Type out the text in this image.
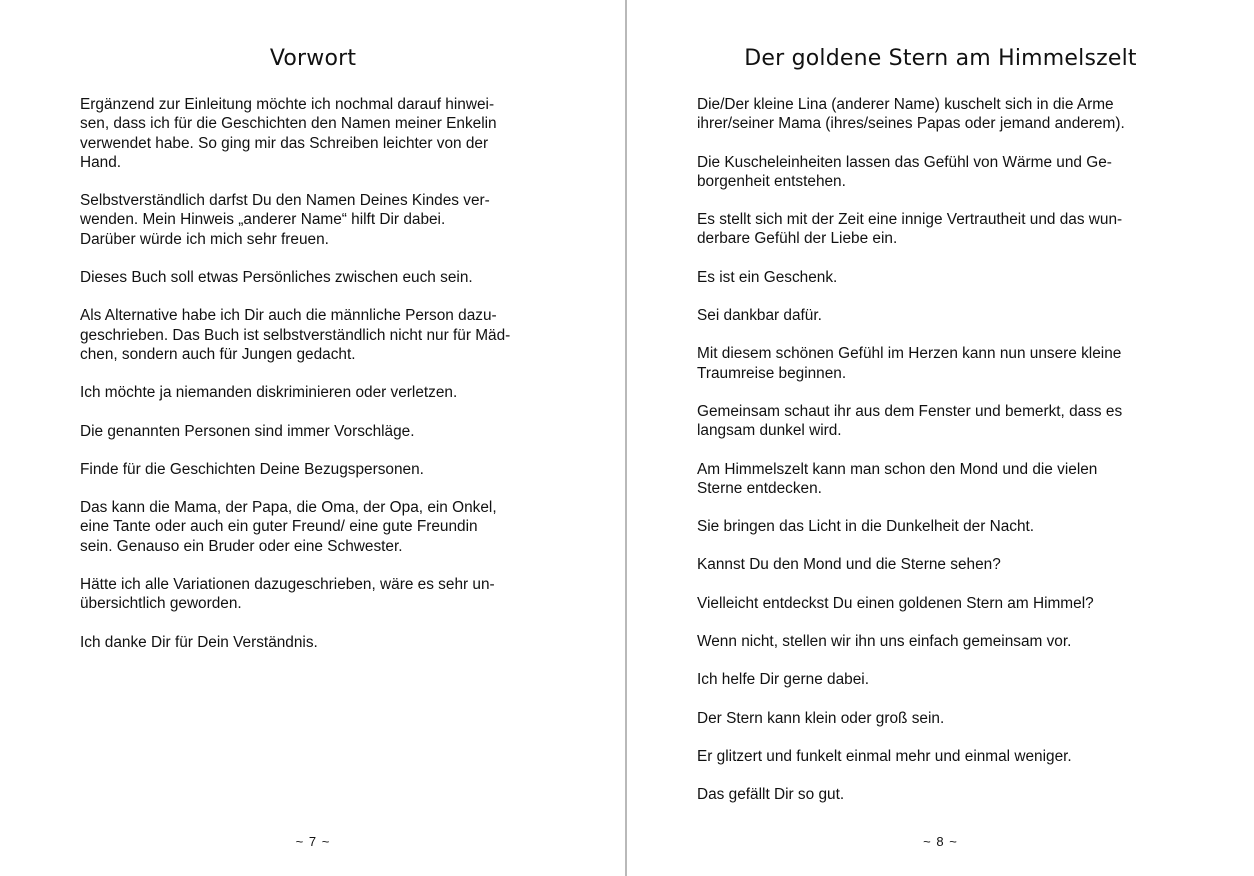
Vorwort

Ergänzend zur Einleitung möchte ich nochmal darauf hinwei-
sen, dass ich für die Geschichten den Namen meiner Enkelin
verwendet habe. So ging mir das Schreiben leichter von der
Hand.

Selbstverständlich darfst Du den Namen Deines Kindes ver-
wenden. Mein Hinweis „anderer Name“ hilft Dir dabei.
Darüber würde ich mich sehr freuen.

Dieses Buch soll etwas Persönliches zwischen euch sein.

Als Alternative habe ich Dir auch die männliche Person dazu-
geschrieben. Das Buch ist selbstverständlich nicht nur für Mäd-
chen, sondern auch für Jungen gedacht.

Ich möchte ja niemanden diskriminieren oder verletzen.

Die genannten Personen sind immer Vorschläge.

Finde für die Geschichten Deine Bezugspersonen.

Das kann die Mama, der Papa, die Oma, der Opa, ein Onkel,
eine Tante oder auch ein guter Freund/ eine gute Freundin
sein. Genauso ein Bruder oder eine Schwester.

Hätte ich alle Variationen dazugeschrieben, wäre es sehr un-
übersichtlich geworden.

Ich danke Dir für Dein Verständnis.

~ 7 ~
Der goldene Stern am Himmelszelt

Die/Der kleine Lina (anderer Name) kuschelt sich in die Arme
ihrer/seiner Mama (ihres/seines Papas oder jemand anderem).

Die Kuscheleinheiten lassen das Gefühl von Wärme und Ge-
borgenheit entstehen.

Es stellt sich mit der Zeit eine innige Vertrautheit und das wun-
derbare Gefühl der Liebe ein.

Es ist ein Geschenk.

Sei dankbar dafür.

Mit diesem schönen Gefühl im Herzen kann nun unsere kleine
Traumreise beginnen.

Gemeinsam schaut ihr aus dem Fenster und bemerkt, dass es
langsam dunkel wird.

Am Himmelszelt kann man schon den Mond und die vielen
Sterne entdecken.

Sie bringen das Licht in die Dunkelheit der Nacht.

Kannst Du den Mond und die Sterne sehen?

Vielleicht entdeckst Du einen goldenen Stern am Himmel?

Wenn nicht, stellen wir ihn uns einfach gemeinsam vor.

Ich helfe Dir gerne dabei.

Der Stern kann klein oder groß sein.

Er glitzert und funkelt einmal mehr und einmal weniger.

Das gefällt Dir so gut.

~ 8 ~
